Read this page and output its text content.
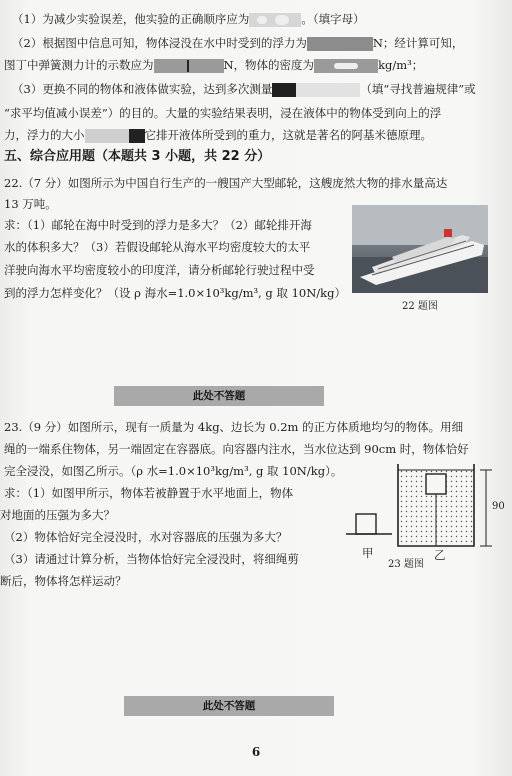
（1）为减少实验误差，他实验的正确顺序应为	。（填字母）
（2）根据图中信息可知，物体浸没在水中时受到的浮力为	N；经计算可知，
图丁中弹簧测力计的示数应为	N，物体的密度为	kg/m³；
（3）更换不同的物体和液体做实验，达到多次测量	（填“寻找普遍规律”或
“求平均值减小误差”）的目的。大量的实验结果表明，浸在液体中的物体受到向上的浮
力，浮力的大小	它排开液体所受到的重力，这就是著名的阿基米德原理。
五、综合应用题（本题共 3 小题，共 22 分）
22.（7 分）如图所示为中国自行生产的一艘国产大型邮轮，这艘庞然大物的排水量高达
13 万吨。
求：（1）邮轮在海中时受到的浮力是多大？（2）邮轮排开海
水的体积多大？（3）若假设邮轮从海水平均密度较大的太平
洋驶向海水平均密度较小的印度洋，请分析邮轮行驶过程中受
到的浮力怎样变化？（设 ρ 海水=1.0×10³kg/m³, g 取 10N/kg）
22 题图
此处不答题
23.（9 分）如图所示，现有一质量为 4kg、边长为 0.2m 的正方体质地均匀的物体。用细
绳的一端系住物体，另一端固定在容器底。向容器内注水，当水位达到 90cm 时，物体恰好
完全浸没，如图乙所示。（ρ 水=1.0×10³kg/m³, g 取 10N/kg）。
求：（1）如图甲所示，物体若被静置于水平地面上，物体
对地面的压强为多大？
（2）物体恰好完全浸没时，水对容器底的压强为多大？
（3）请通过计算分析，当物体恰好完全浸没时，将细绳剪
断后，物体将怎样运动？
90
甲	乙
23 题图
此处不答题
6
